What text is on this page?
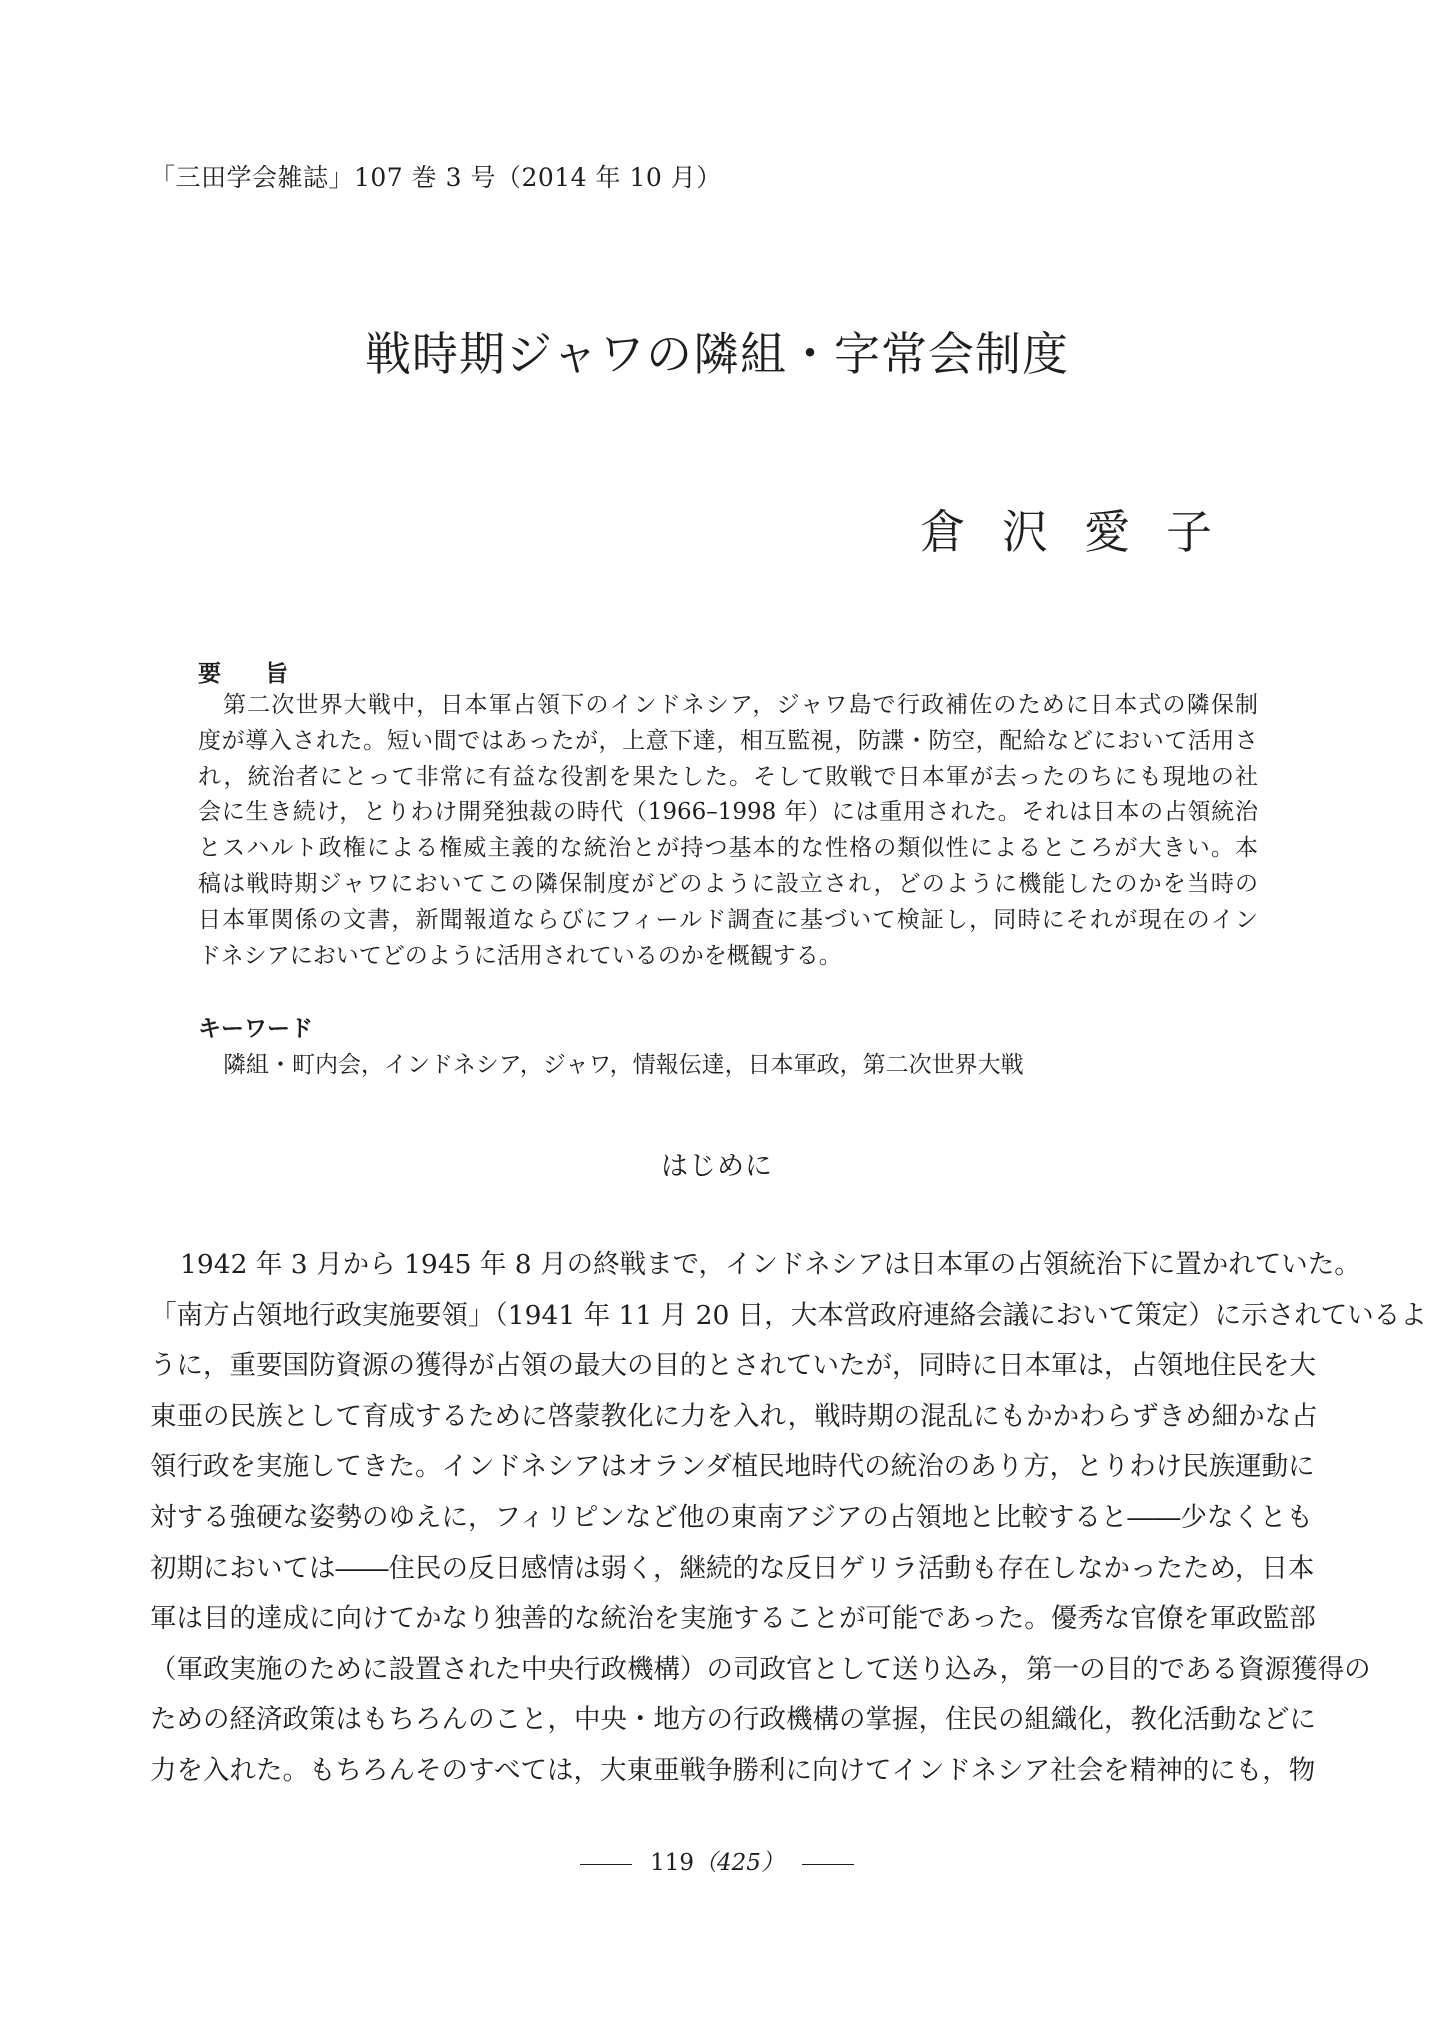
「三田学会雑誌」107 巻 3 号（2014 年 10 月）
戦時期ジャワの隣組・字常会制度
倉沢愛子
要旨
第二次世界大戦中，日本軍占領下のインドネシア，ジャワ島で行政補佐のために日本式の隣保制
度が導入された。短い間ではあったが，上意下達，相互監視，防諜・防空，配給などにおいて活用さ
れ，統治者にとって非常に有益な役割を果たした。そして敗戦で日本軍が去ったのちにも現地の社
会に生き続け，とりわけ開発独裁の時代（1966–1998 年）には重用された。それは日本の占領統治
とスハルト政権による権威主義的な統治とが持つ基本的な性格の類似性によるところが大きい。本
稿は戦時期ジャワにおいてこの隣保制度がどのように設立され，どのように機能したのかを当時の
日本軍関係の文書，新聞報道ならびにフィールド調査に基づいて検証し，同時にそれが現在のイン
ドネシアにおいてどのように活用されているのかを概観する。
キーワード
隣組・町内会，インドネシア，ジャワ，情報伝達，日本軍政，第二次世界大戦
はじめに
1942 年 3 月から 1945 年 8 月の終戦まで，インドネシアは日本軍の占領統治下に置かれていた。
「南方占領地行政実施要領」（1941 年 11 月 20 日，大本営政府連絡会議において策定）に示されているよ
うに，重要国防資源の獲得が占領の最大の目的とされていたが，同時に日本軍は，占領地住民を大
東亜の民族として育成するために啓蒙教化に力を入れ，戦時期の混乱にもかかわらずきめ細かな占
領行政を実施してきた。インドネシアはオランダ植民地時代の統治のあり方，とりわけ民族運動に
対する強硬な姿勢のゆえに，フィリピンなど他の東南アジアの占領地と比較すると――少なくとも
初期においては――住民の反日感情は弱く，継続的な反日ゲリラ活動も存在しなかったため，日本
軍は目的達成に向けてかなり独善的な統治を実施することが可能であった。優秀な官僚を軍政監部
（軍政実施のために設置された中央行政機構）の司政官として送り込み，第一の目的である資源獲得の
ための経済政策はもちろんのこと，中央・地方の行政機構の掌握，住民の組織化，教化活動などに
力を入れた。もちろんそのすべては，大東亜戦争勝利に向けてインドネシア社会を精神的にも，物
119（425）
